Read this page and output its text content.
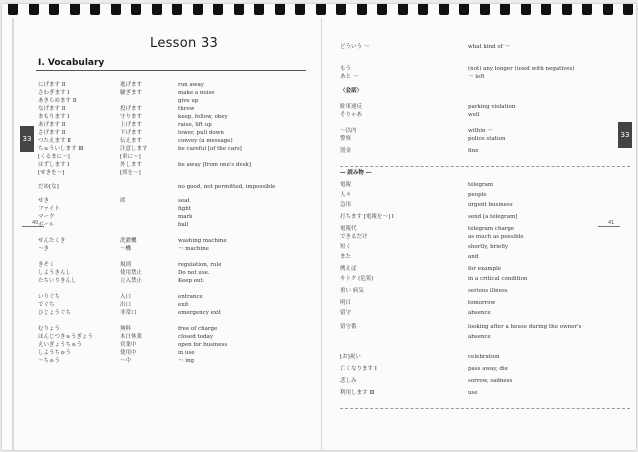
Lesson 33
I. Vocabulary
33	33
40	41
にげます Ⅱ	逃げます	run away
さわぎます Ⅰ	騒ぎます	make a noise
あきらめます Ⅱ	give up
なげます Ⅱ	投げます	throw
まもります Ⅰ	守ります	keep, follow, obey
あげます Ⅱ	上げます	raise, lift up
さげます Ⅱ	下げます	lower, pull down
つたえます Ⅱ	伝えます	convey (a message)
ちゅういします Ⅲ	注意します	be careful [of the cars]
[くるまに〜]	[車に〜]
はずします Ⅰ	外します	be away [from one's desk]
[せきを〜]	[席を〜]
だめ[な]	no good, not permitted, impossible
せき	席	seat
ファイト	fight
マーク	mark
ボール	ball
せんたくき	洗濯機	washing machine
〜き	〜機	〜 machine
きそく	規則	regulation, rule
しようきんし	使用禁止	Do not use.
たちいりきんし	立入禁止	Keep out.
いりぐち	入口	entrance
でぐち	出口	exit
ひじょうぐち	非常口	emergency exit
むりょう	無料	free of charge
ほんじつきゅうぎょう	本日休業	closed today
えいぎょうちゅう	営業中	open for business
しようちゅう	使用中	in use
〜ちゅう	〜中	〜 ing
〈会話〉
― 読み物 ―
どういう 〜	what kind of 〜
もう	(not) any longer (used with negatives)
あと 〜	〜 left
駐車違反	parking violation
そりゃあ	well
〜以内	within 〜
警察	police station
罰金	fine
電報	telegram
人々	people
急用	urgent business
打ちます [電報を〜] Ⅰ	send [a telegram]
電報代	telegram charge
できるだけ	as much as possible
短く	shortly, briefly
また	and
例えば	for example
キトク (危篤)	in a critical condition
重い 病気	serious illness
明日	tomorrow
留守	absence
留守番	looking after a house during the owner's
absence
[お]祝い	celebration
亡くなります Ⅰ	pass away, die
悲しみ	sorrow, sadness
利用します Ⅲ	use
